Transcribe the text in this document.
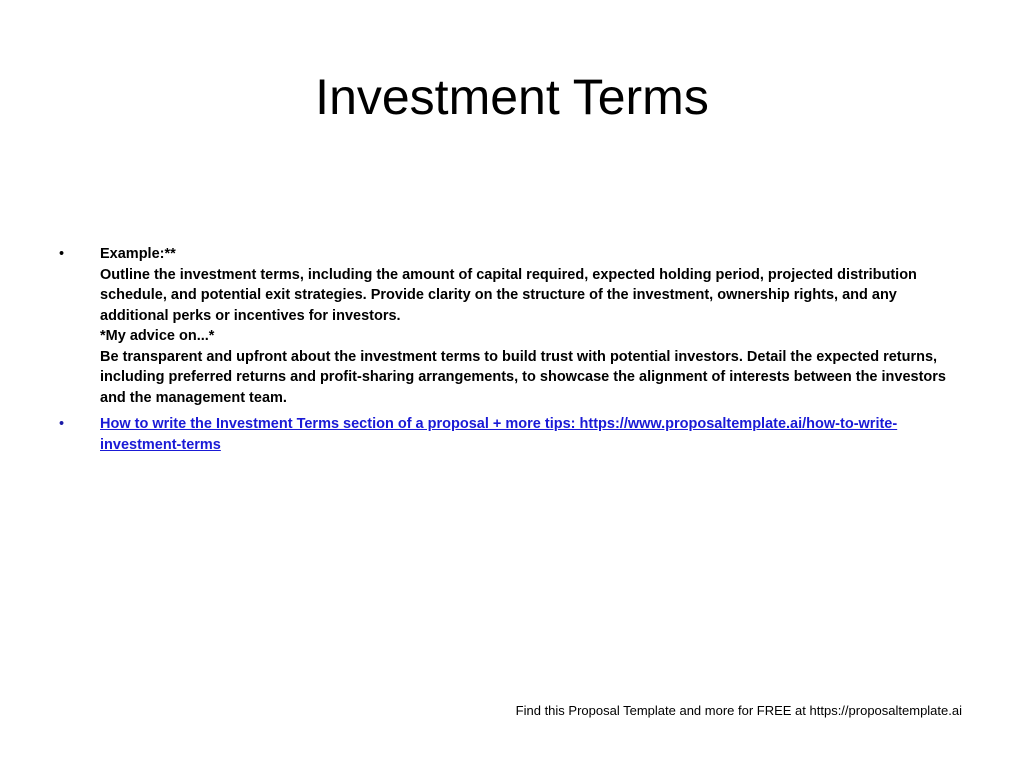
Investment Terms
• Example:**
Outline the investment terms, including the amount of capital required, expected holding period, projected distribution schedule, and potential exit strategies. Provide clarity on the structure of the investment, ownership rights, and any additional perks or incentives for investors.
*My advice on...*
Be transparent and upfront about the investment terms to build trust with potential investors. Detail the expected returns, including preferred returns and profit-sharing arrangements, to showcase the alignment of interests between the investors and the management team.
• How to write the Investment Terms section of a proposal + more tips: https://www.proposaltemplate.ai/how-to-write-investment-terms
Find this Proposal Template and more for FREE at https://proposaltemplate.ai
